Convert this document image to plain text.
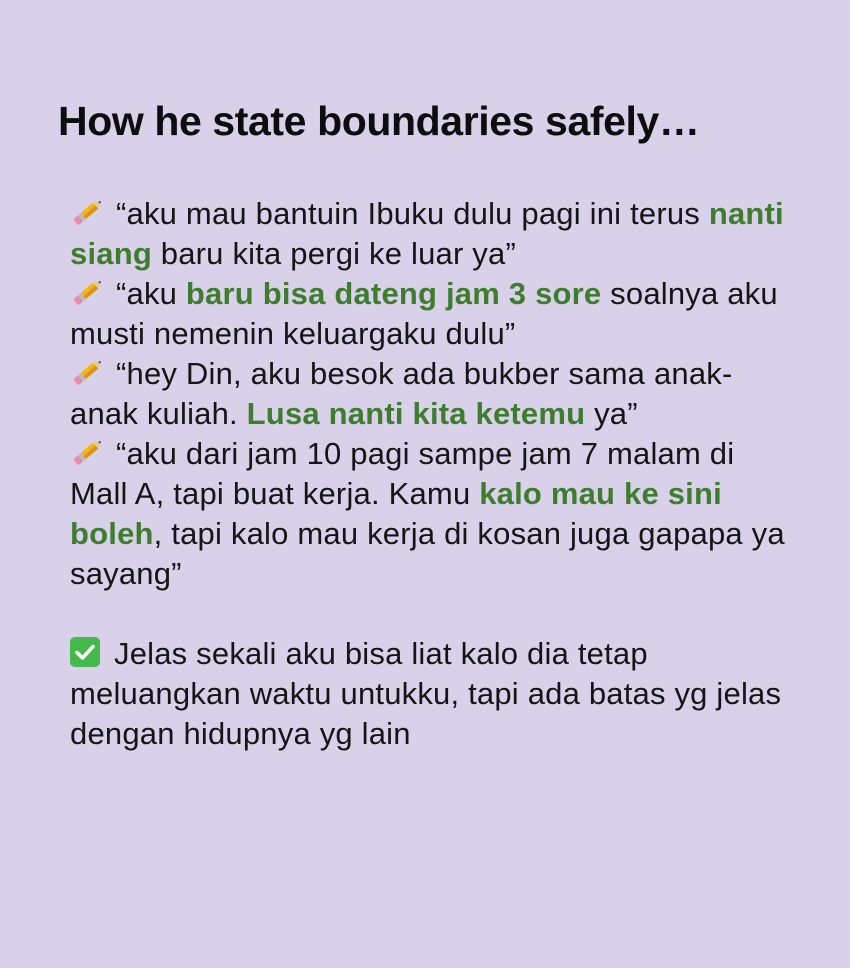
How he state boundaries safely…

“aku mau bantuin Ibuku dulu pagi ini terus nanti siang baru kita pergi ke luar ya”

“aku baru bisa dateng jam 3 sore soalnya aku musti nemenin keluargaku dulu”

“hey Din, aku besok ada bukber sama anak-anak kuliah. Lusa nanti kita ketemu ya”

“aku dari jam 10 pagi sampe jam 7 malam di Mall A, tapi buat kerja. Kamu kalo mau ke sini boleh, tapi kalo mau kerja di kosan juga gapapa ya sayang”

Jelas sekali aku bisa liat kalo dia tetap meluangkan waktu untukku, tapi ada batas yg jelas dengan hidupnya yg lain
